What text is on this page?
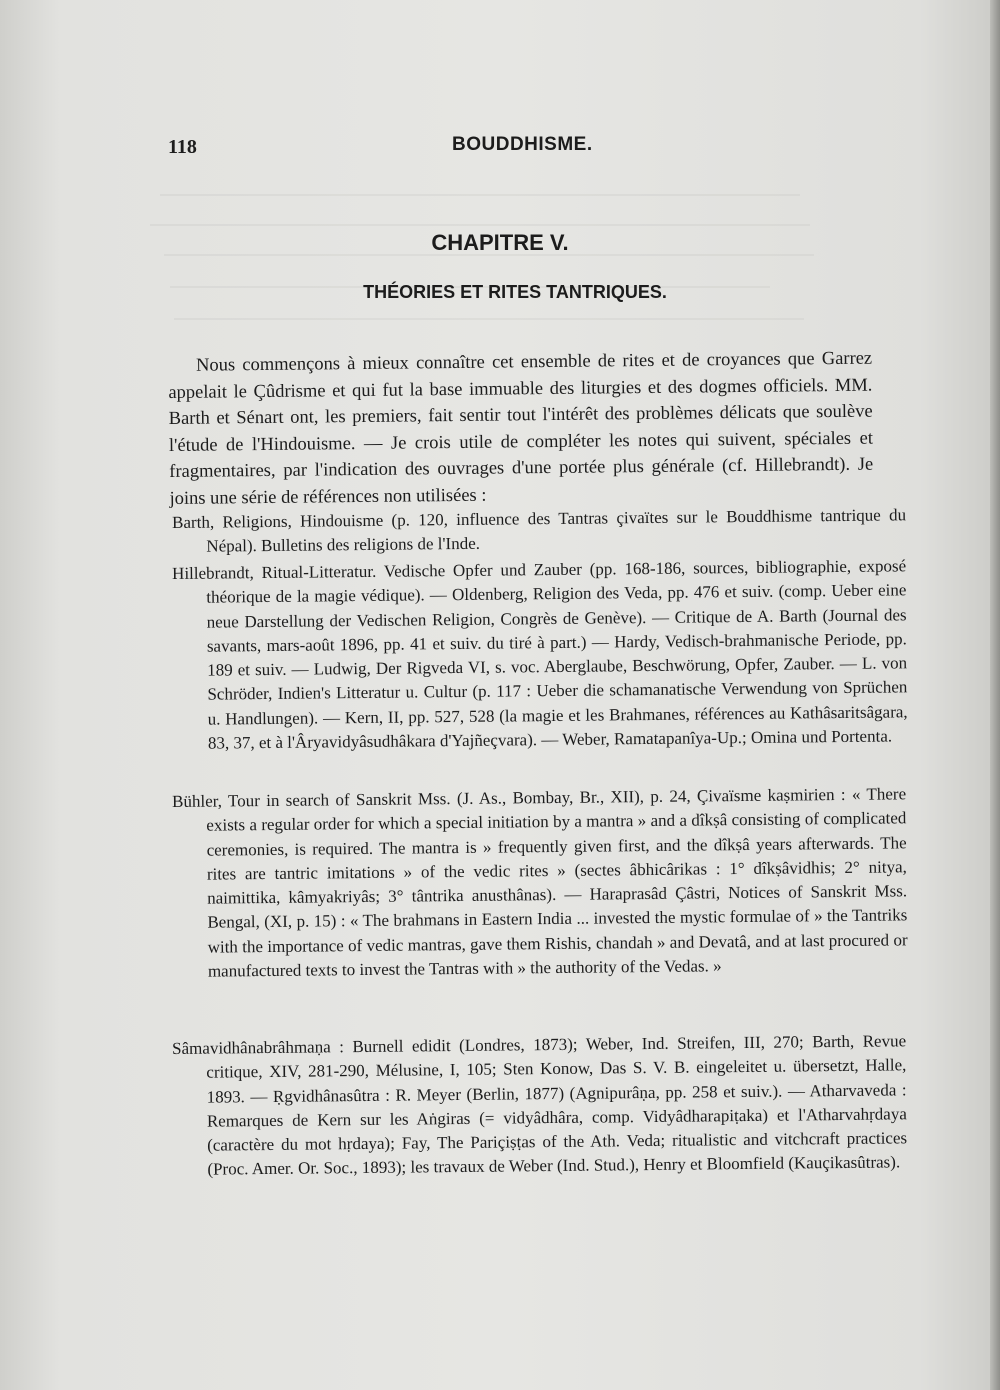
118	BOUDDHISME.
CHAPITRE V.
THÉORIES ET RITES TANTRIQUES.

Nous commençons à mieux connaître cet ensemble de rites et de croyances que Garrez appelait le Çûdrisme et qui fut la base immuable des liturgies et des dogmes officiels. MM. Barth et Sénart ont, les premiers, fait sentir tout l'intérêt des problèmes délicats que soulève l'étude de l'Hindouisme. — Je crois utile de compléter les notes qui suivent, spéciales et fragmentaires, par l'indication des ouvrages d'une portée plus générale (cf. Hillebrandt). Je joins une série de références non utilisées :

Barth, Religions, Hindouisme (p. 120, influence des Tantras çivaïtes sur le Bouddhisme tantrique du Népal). Bulletins des religions de l'Inde.

Hillebrandt, Ritual-Litteratur. Vedische Opfer und Zauber (pp. 168-186, sources, bibliographie, exposé théorique de la magie védique). — Oldenberg, Religion des Veda, pp. 476 et suiv. (comp. Ueber eine neue Darstellung der Vedischen Religion, Congrès de Genève). — Critique de A. Barth (Journal des savants, mars-août 1896, pp. 41 et suiv. du tiré à part.) — Hardy, Vedisch-brahmanische Periode, pp. 189 et suiv. — Ludwig, Der Rigveda VI, s. voc. Aberglaube, Beschwörung, Opfer, Zauber. — L. von Schröder, Indien's Litteratur u. Cultur (p. 117 : Ueber die schamanatische Verwendung von Sprüchen u. Handlungen). — Kern, II, pp. 527, 528 (la magie et les Brahmanes, références au Kathâsaritsâgara, 83, 37, et à l'Âryavidyâsudhâkara d'Yajñeçvara). — Weber, Ramatapanîya-Up.; Omina und Portenta.

Bühler, Tour in search of Sanskrit Mss. (J. As., Bombay, Br., XII), p. 24, Çivaïsme kaṣmirien : « There exists a regular order for which a special initiation by a mantra » and a dîkṣâ consisting of complicated ceremonies, is required. The mantra is » frequently given first, and the dîkṣâ years afterwards. The rites are tantric imitations » of the vedic rites » (sectes âbhicârikas : 1° dîkṣâvidhis; 2° nitya, naimittika, kâmyakriyâs; 3° tântrika anusthânas). — Haraprasâd Çâstri, Notices of Sanskrit Mss. Bengal, (XI, p. 15) : « The brahmans in Eastern India ... invested the mystic formulae of » the Tantriks with the importance of vedic mantras, gave them Rishis, chandah » and Devatâ, and at last procured or manufactured texts to invest the Tantras with » the authority of the Vedas. »

Sâmavidhânabrâhmaṇa : Burnell edidit (Londres, 1873); Weber, Ind. Streifen, III, 270; Barth, Revue critique, XIV, 281-290, Mélusine, I, 105; Sten Konow, Das S. V. B. eingeleitet u. übersetzt, Halle, 1893. — Ṛgvidhânasûtra : R. Meyer (Berlin, 1877) (Agnipurâṇa, pp. 258 et suiv.). — Atharvaveda : Remarques de Kern sur les Aṅgiras (= vidyâdhâra, comp. Vidyâdharapiṭaka) et l'Atharvahṛdaya (caractère du mot hṛdaya); Fay, The Pariçiṣṭas of the Ath. Veda; ritualistic and vitchcraft practices (Proc. Amer. Or. Soc., 1893); les travaux de Weber (Ind. Stud.), Henry et Bloomfield (Kauçikasûtras).
